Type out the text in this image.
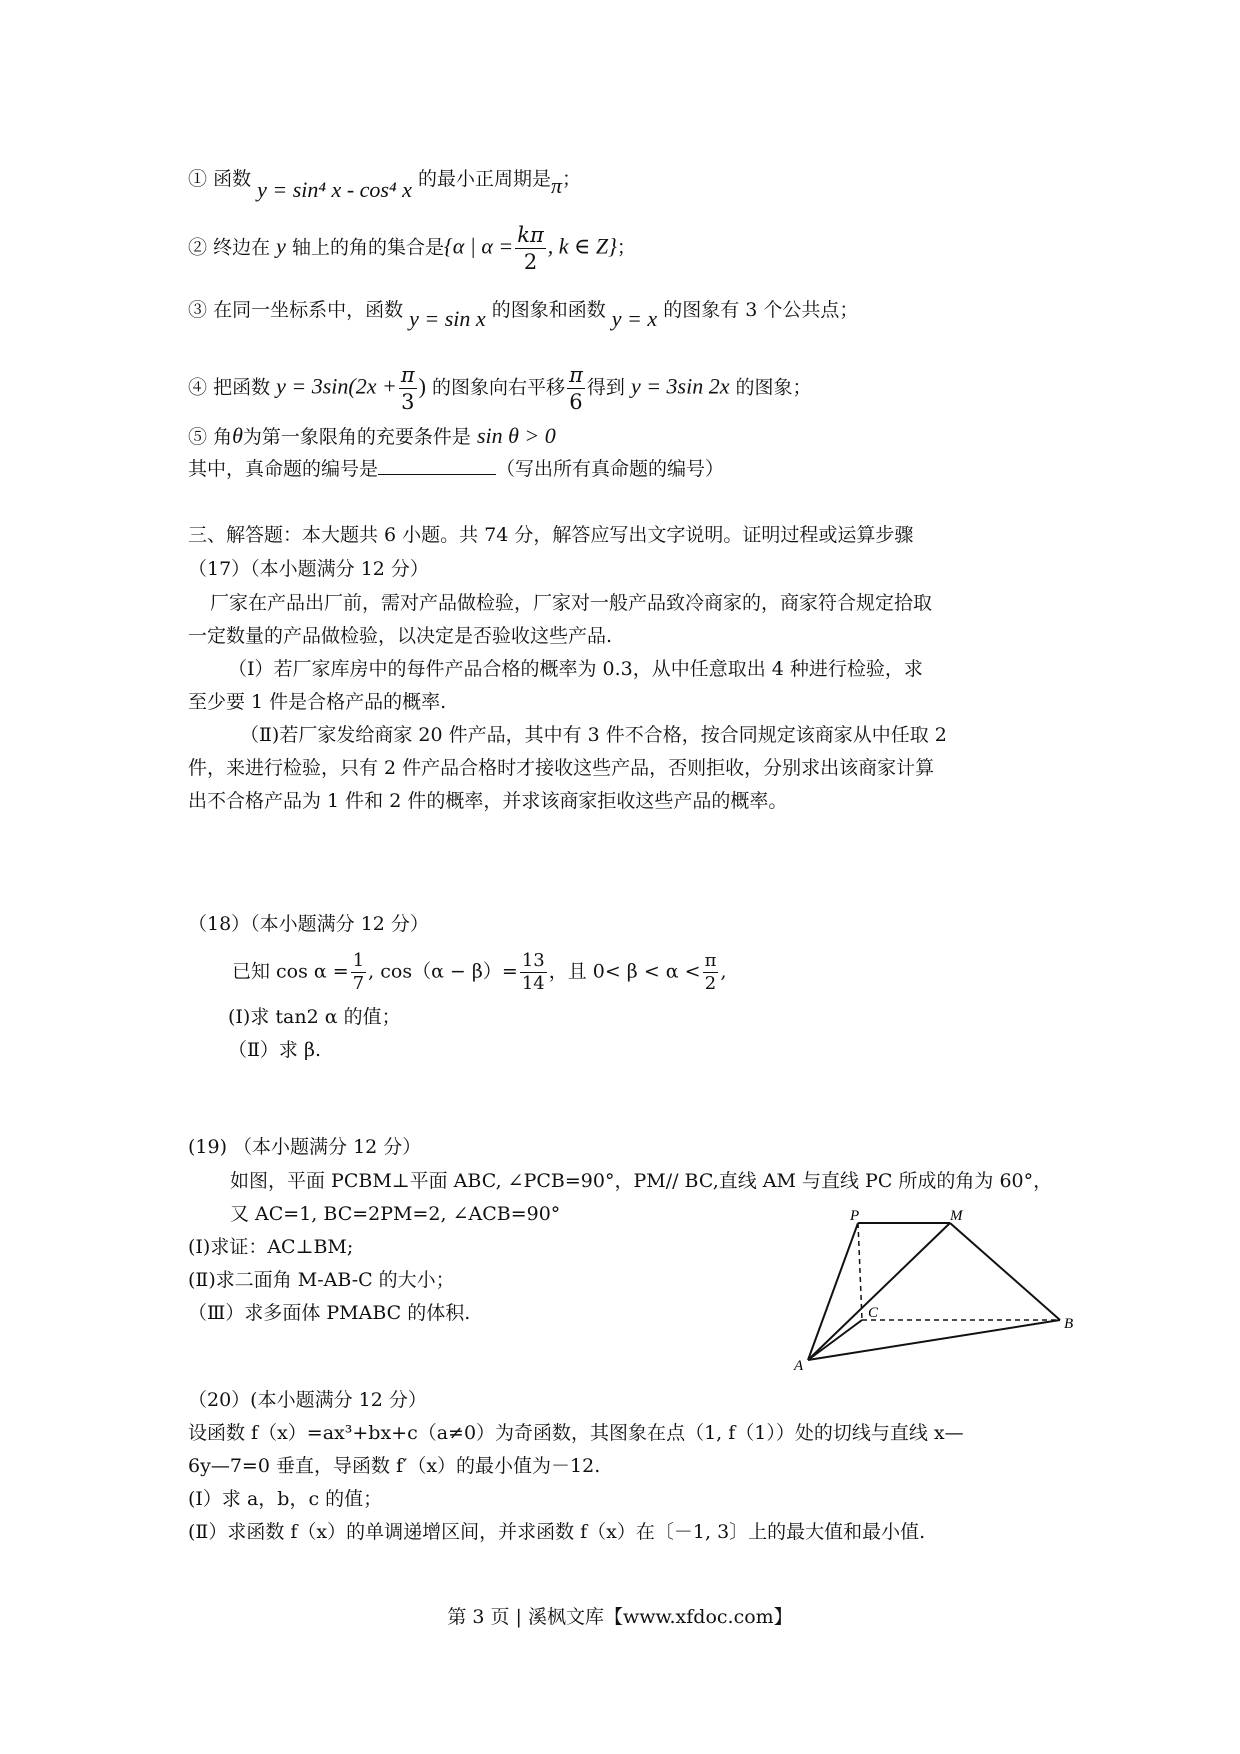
① 函数 y = sin⁴ x - cos⁴ x 的最小正周期是π；
② 终边在 y 轴上的角的集合是{α | $\alpha = \frac{k\pi}{2}$ , k ∈ Z}；
③ 在同一坐标系中，函数 y = sin x 的图象和函数 y = x 的图象有 3 个公共点；
④ 把函数 $y = 3\sin(2x + \frac{\pi}{3}$ ) 的图象向右平移 $\frac{\pi}{6}$ 得到 y = 3sin 2x 的图象；
⑤ 角θ为第一象限角的充要条件是 sin θ > 0
其中，真命题的编号是	（写出所有真命题的编号）
三、解答题：本大题共 6 小题。共 74 分，解答应写出文字说明。证明过程或运算步骤
（17）（本小题满分 12 分）
厂家在产品出厂前，需对产品做检验，厂家对一般产品致冷商家的，商家符合规定拾取
一定数量的产品做检验，以决定是否验收这些产品.
（Ⅰ）若厂家库房中的每件产品合格的概率为 0.3，从中任意取出 4 种进行检验，求
至少要 1 件是合格产品的概率.
（Ⅱ)若厂家发给商家 20 件产品，其中有 3 件不合格，按合同规定该商家从中任取 2
件，来进行检验，只有 2 件产品合格时才接收这些产品，否则拒收，分别求出该商家计算
出不合格产品为 1 件和 2 件的概率，并求该商家拒收这些产品的概率。
（18）（本小题满分 12 分）
已知 $\cos \alpha = \frac{1}{7}$ , $\cos(\alpha - \beta)= \frac{13}{14}$ ，且 $0< \beta < \alpha < \frac{\pi}{2}$ ,
(Ⅰ)求 tan2 α 的值；
（Ⅱ）求 β.
(19) （本小题满分 12 分）
如图，平面 PCBM⊥平面 ABC, ∠PCB=90°，PM// BC,直线 AM 与直线 PC 所成的角为 60°，
又 AC=1, BC=2PM=2, ∠ACB=90°
(Ⅰ)求证：AC⊥BM;
(Ⅱ)求二面角 M-AB-C 的大小；
（Ⅲ）求多面体 PMABC 的体积.
P	M
C
B
A
（20）(本小题满分 12 分）
设函数 f（x）=ax³+bx+c（a≠0）为奇函数，其图象在点（1, f（1））处的切线与直线 x—
6y—7=0 垂直，导函数 f′（x）的最小值为－12.
(Ⅰ）求 a，b，c 的值；
(Ⅱ）求函数 f（x）的单调递增区间，并求函数 f（x）在〔－1, 3〕上的最大值和最小值.
第 3 页 | 溪枫文库【www.xfdoc.com】
